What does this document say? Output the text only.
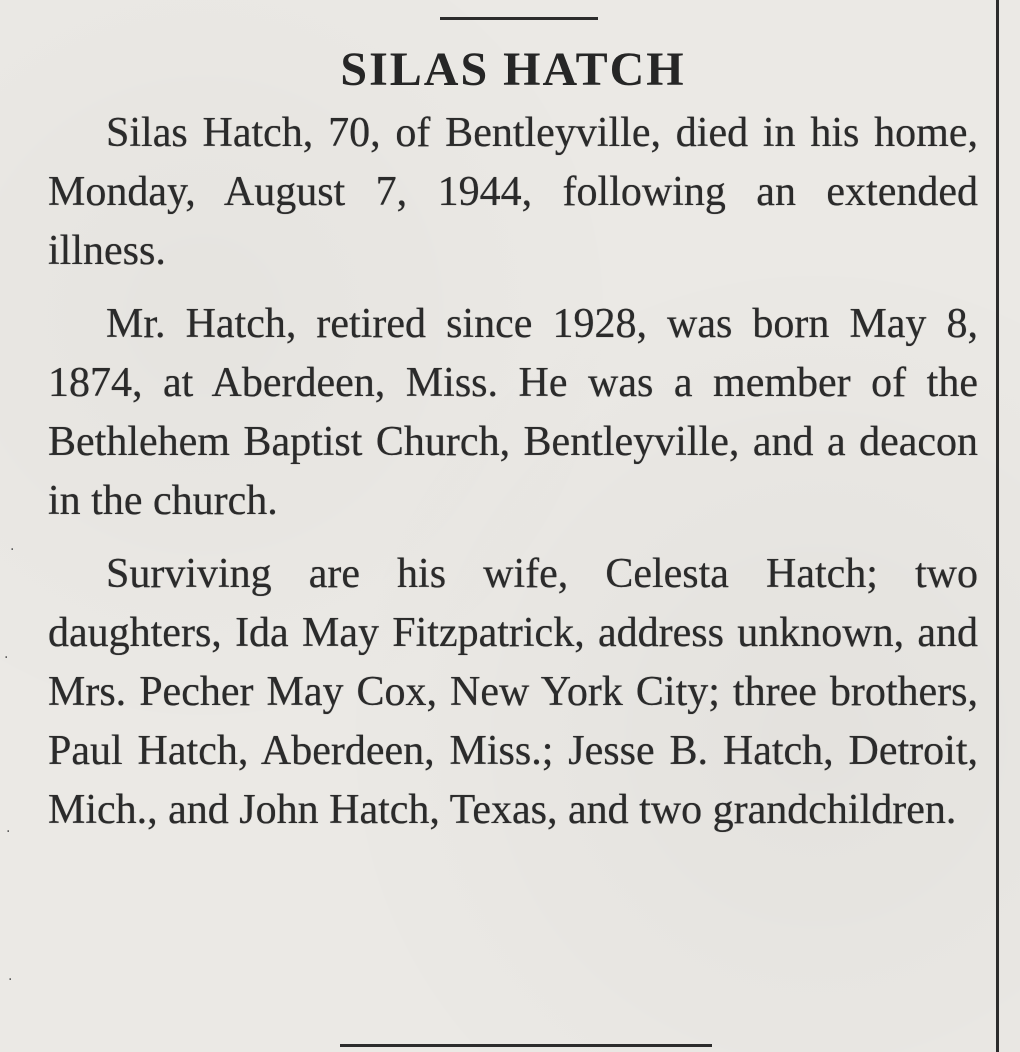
SILAS HATCH

Silas Hatch, 70, of Bentleyville, died in his home, Monday, August 7, 1944, following an extended illness.

Mr. Hatch, retired since 1928, was born May 8, 1874, at Aberdeen, Miss. He was a member of the Bethlehem Baptist Church, Bentleyville, and a deacon in the church.

Surviving are his wife, Celesta Hatch; two daughters, Ida May Fitzpatrick, address unknown, and Mrs. Pecher May Cox, New York City; three brothers, Paul Hatch, Aberdeen, Miss.; Jesse B. Hatch, Detroit, Mich., and John Hatch, Texas, and two grandchildren.

.
.
.
.
